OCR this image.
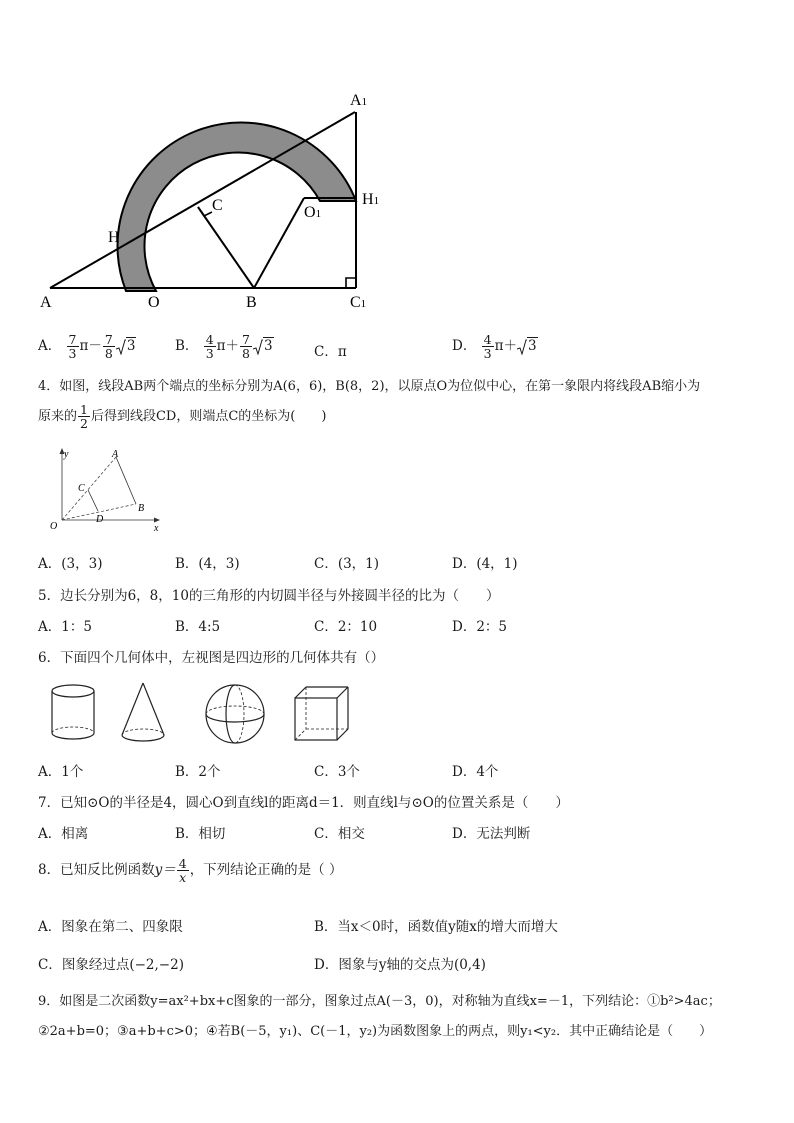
A	O	B	C1
A1
H
H1
C	O1
A． $\frac{7}{3} \pi- \frac{7}{8} 3$	B． $\frac{4}{3} \pi+ \frac{7}{8} 3$	C．π	D． $\frac{4}{3} \pi+ 3$
4．如图，线段AB两个端点的坐标分别为A(6，6)，B(8，2)，以原点O为位似中心，在第一象限内将线段AB缩小为
原来的 $\frac{1}{2}$ 后得到线段CD，则端点C的坐标为(　　)
y
x
O
A
B
C
D
A．(3，3)	B．(4，3)	C．(3，1)	D．(4，1)
5．边长分别为6，8，10的三角形的内切圆半径与外接圆半径的比为（　　）
A．1：5	B．4:5	C．2：10	D．2：5
6．下面四个几何体中，左视图是四边形的几何体共有（）
A．1个	B．2个	C．3个	D．4个
7．已知⊙O的半径是4，圆心O到直线l的距离d＝1．则直线l与⊙O的位置关系是（　　）
A．相离	B．相切	C．相交	D．无法判断
8．已知反比例函数$y= \frac{4}{x}$ ，下列结论正确的是（ ）
A．图象在第二、四象限	B．当x＜0时，函数值y随x的增大而增大
C．图象经过点(−2,−2)	D．图象与y轴的交点为(0,4)
9．如图是二次函数y=ax²+bx+c图象的一部分，图象过点A(－3，0)，对称轴为直线x=－1，下列结论：①b²>4ac；
②2a+b=0；③a+b+c>0；④若B(－5，y₁)、C(－1，y₂)为函数图象上的两点，则y₁<y₂．其中正确结论是（　　）
